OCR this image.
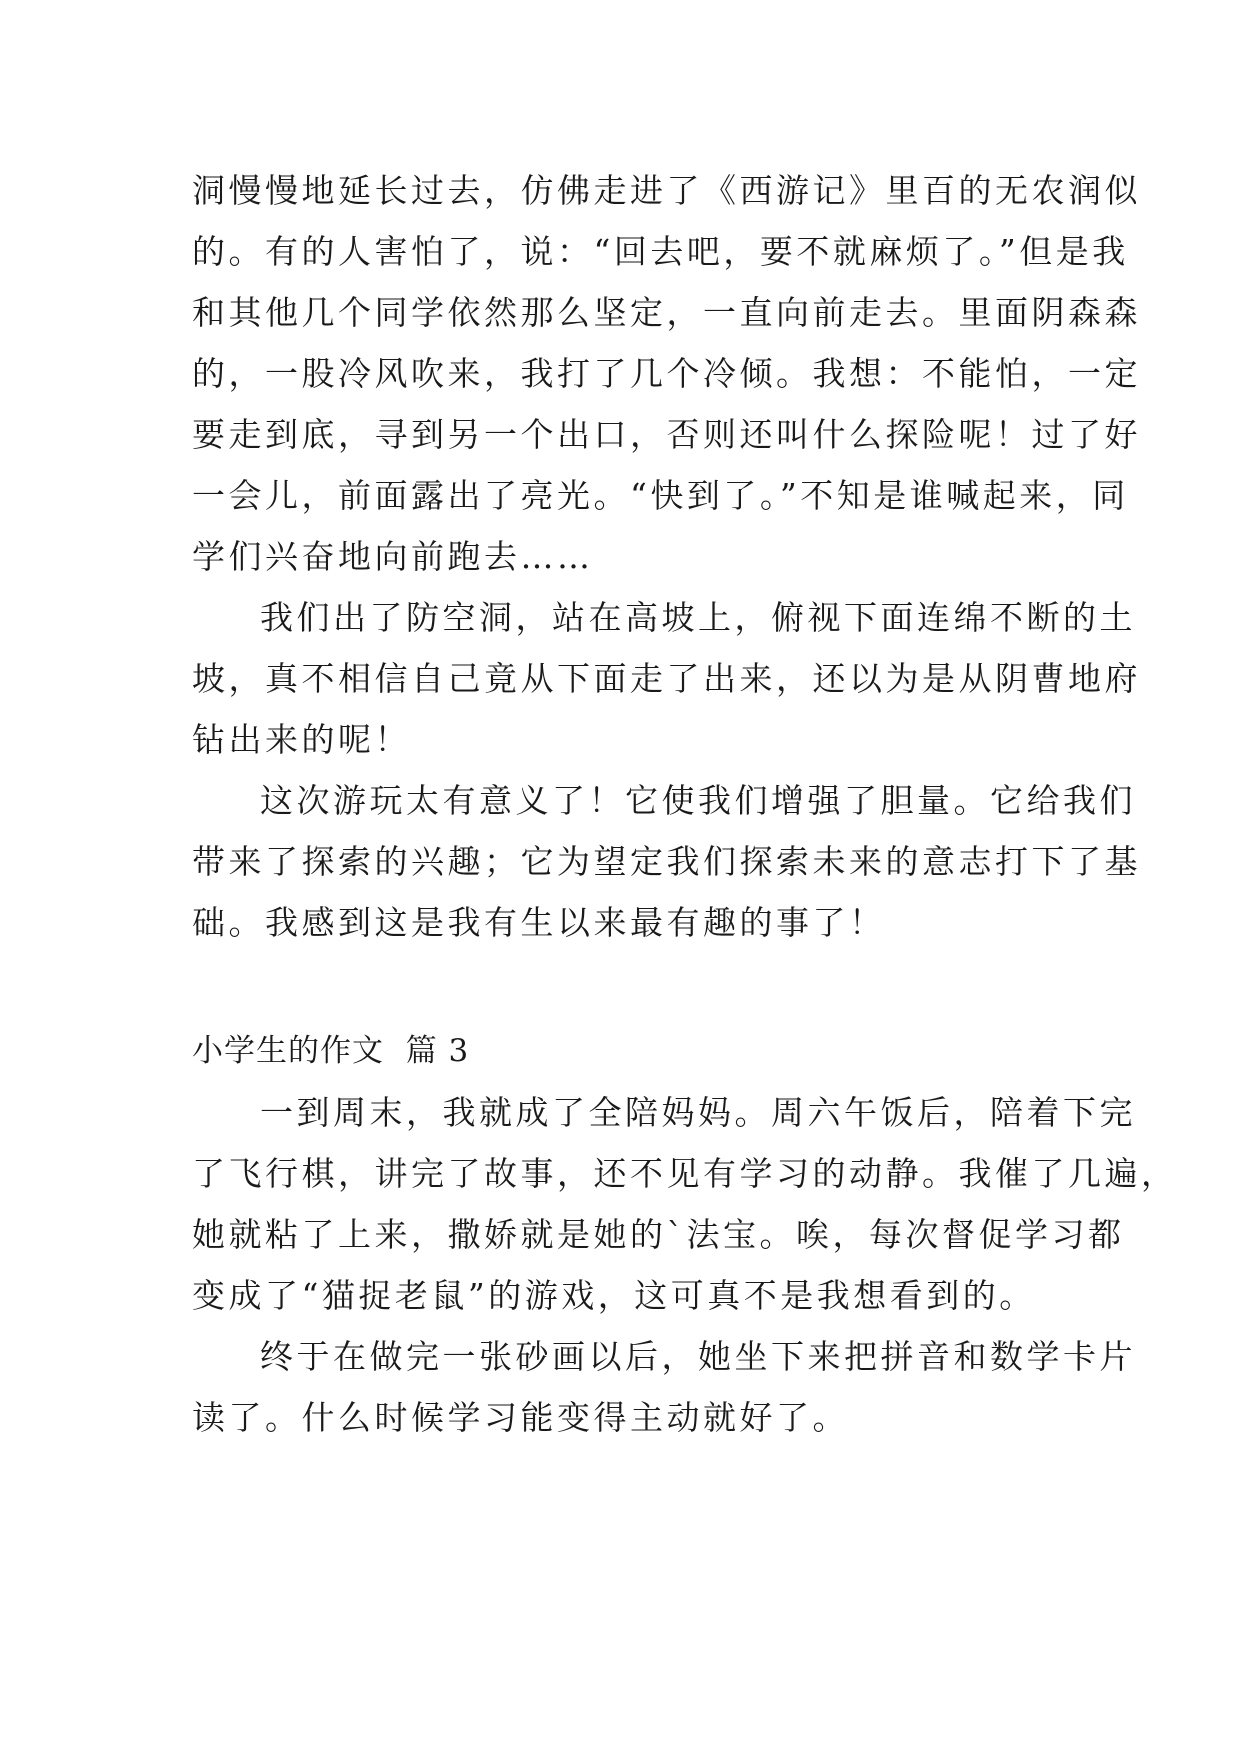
洞慢慢地延长过去，仿佛走进了《西游记》里百的无农润似
的。有的人害怕了，说：“回去吧，要不就麻烦了。”但是我
和其他几个同学依然那么坚定，一直向前走去。里面阴森森
的，一股冷风吹来，我打了几个冷倾。我想：不能怕，一定
要走到底，寻到另一个出口，否则还叫什么探险呢！过了好
一会儿，前面露出了亮光。“快到了。”不知是谁喊起来，同
学们兴奋地向前跑去……
我们出了防空洞，站在高坡上，俯视下面连绵不断的土
坡，真不相信自己竟从下面走了出来，还以为是从阴曹地府
钻出来的呢！
这次游玩太有意义了！它使我们增强了胆量。它给我们
带来了探索的兴趣；它为望定我们探索未来的意志打下了基
础。我感到这是我有生以来最有趣的事了！
小学生的作文  篇 3
一到周末，我就成了全陪妈妈。周六午饭后，陪着下完
了飞行棋，讲完了故事，还不见有学习的动静。我催了几遍，
她就粘了上来，撒娇就是她的`法宝。唉，每次督促学习都
变成了“猫捉老鼠”的游戏，这可真不是我想看到的。
终于在做完一张砂画以后，她坐下来把拼音和数学卡片
读了。什么时候学习能变得主动就好了。
